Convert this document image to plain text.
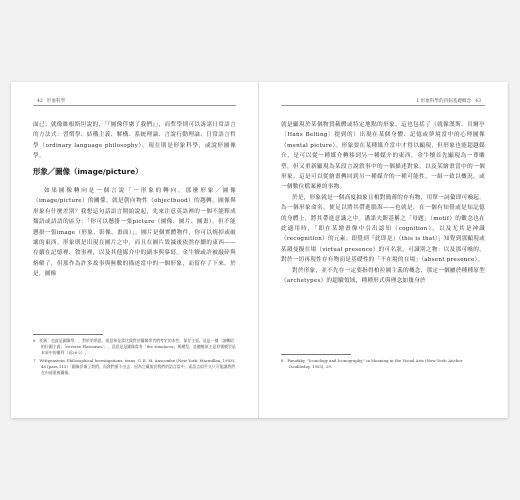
42 形象科學

面已；就像維根斯坦說的，「『圖像俘虜了我們』」，而哲學則可以訴諸日常語言的方法式：習慣學、結構主義、解構、系統理論、言說行動理論、日常語言哲學（ordinary language philosophy）。現在則是形象科學，或說形圖像學。

形象／圖像（image/picture）

如果圖像轉向是一個言說「一形象的轉向，那麼形象／圖像（image/picture）的關係，就是朝向物性（objecthood）的趨轉。圖像與形象有什麼差別？我想這句話語言開始說起，先來注意英語裡的一個不能釋成類語或語語的區分：「你可以懸掛一張picture（圖像、圖片、圖畫），但不能懸掛一張image（形象、影像、畫面）」。圖片是個實體物件，你可以燒掉或破壞的東西。形象則是出現在圖片之中，而且在圖片毀滅後依然存續的東西——存續在記憶裡、敘事裡，以及其他媒介中的副本與摹寫。金牛犢或許被敲碎與熔解了，但那作為許多故事與無數的描述當中的一個形象，而留存了下來。於是，圖像

6　托瑪：也就是圖像學，，對於哈斯思，就意象是當比與對於圖像學者們考定的本性，保存主張，這是一種「諸轉的柏拉圖主義」（reverse Platonism）」，意思是是圖像當有「the simulacra」與模型，並聽模原主是符號模型是本原中的權利（頁26-2）。

7　Wittgenstein, Philosophical Investigations, trans. G. E. M. Anscombe (New York: Macmillan, 1953), 48 (para.115)「圖像俘虜了我們，而我們卻不出去；因為它藏匿於我們的語言當中，而語言似乎又只可能讓我們在內部重複圖像。

1 形象科學的四個基礎概念 43

就是顯現於某個物質載體或特定地點的形象，這也包括了（就像漢斯．貝爾亭〔Hans Belting〕提到的）出現在某個身體、記憶或夢境當中的心理圖像（mental picture）。形象要在某種媒介當中才得以顯現，但形象也能超越媒介，是可以從一種媒介轉移到另一種媒介的東西。金牛犢首先顯現為一尊雕塑，但又重新顯現為某段言說敘事中的一個描述對象，以及某繪畫當中的一個形象。這是可以從繪畫轉回到另一種媒介的一種可能性，一組一致以概況，或一個數位檔案裡的事物。

於是，形象就是一個高度抽象且相對簡薄的存有物，用單一詞彙即可喚起。為一個形象命名，便足以將其帶進腦海——也就是，在一個有知覺或是知記憶的身體上，將其帶進意識之中。潘諾夫斯基稱之「母題」（motif）的觀念也在此適用時，「即在某繪畫像中引出認知（cognition），以及尤其是神識（recognition）的元素；即覺到『此即是』（this is that）」知覺到那顯現或某韻曼擬在場（virtual presence）的可名狀，可識別之物：以及那可喚的，對於一切再現性存有物而是基礎性的「不在場的在場」（absent presence）。

對於形象，並不先存一定要指得柏拉圖主義的概念，那定一個屬於種種原型（archetypes）的超驗領域，種種形式與理念如幾身於

8　Panofsky, "Iconology and Iconography," in Meaning in the Visual Arts (New York: Anchor Doubleday, 1955), 29.
